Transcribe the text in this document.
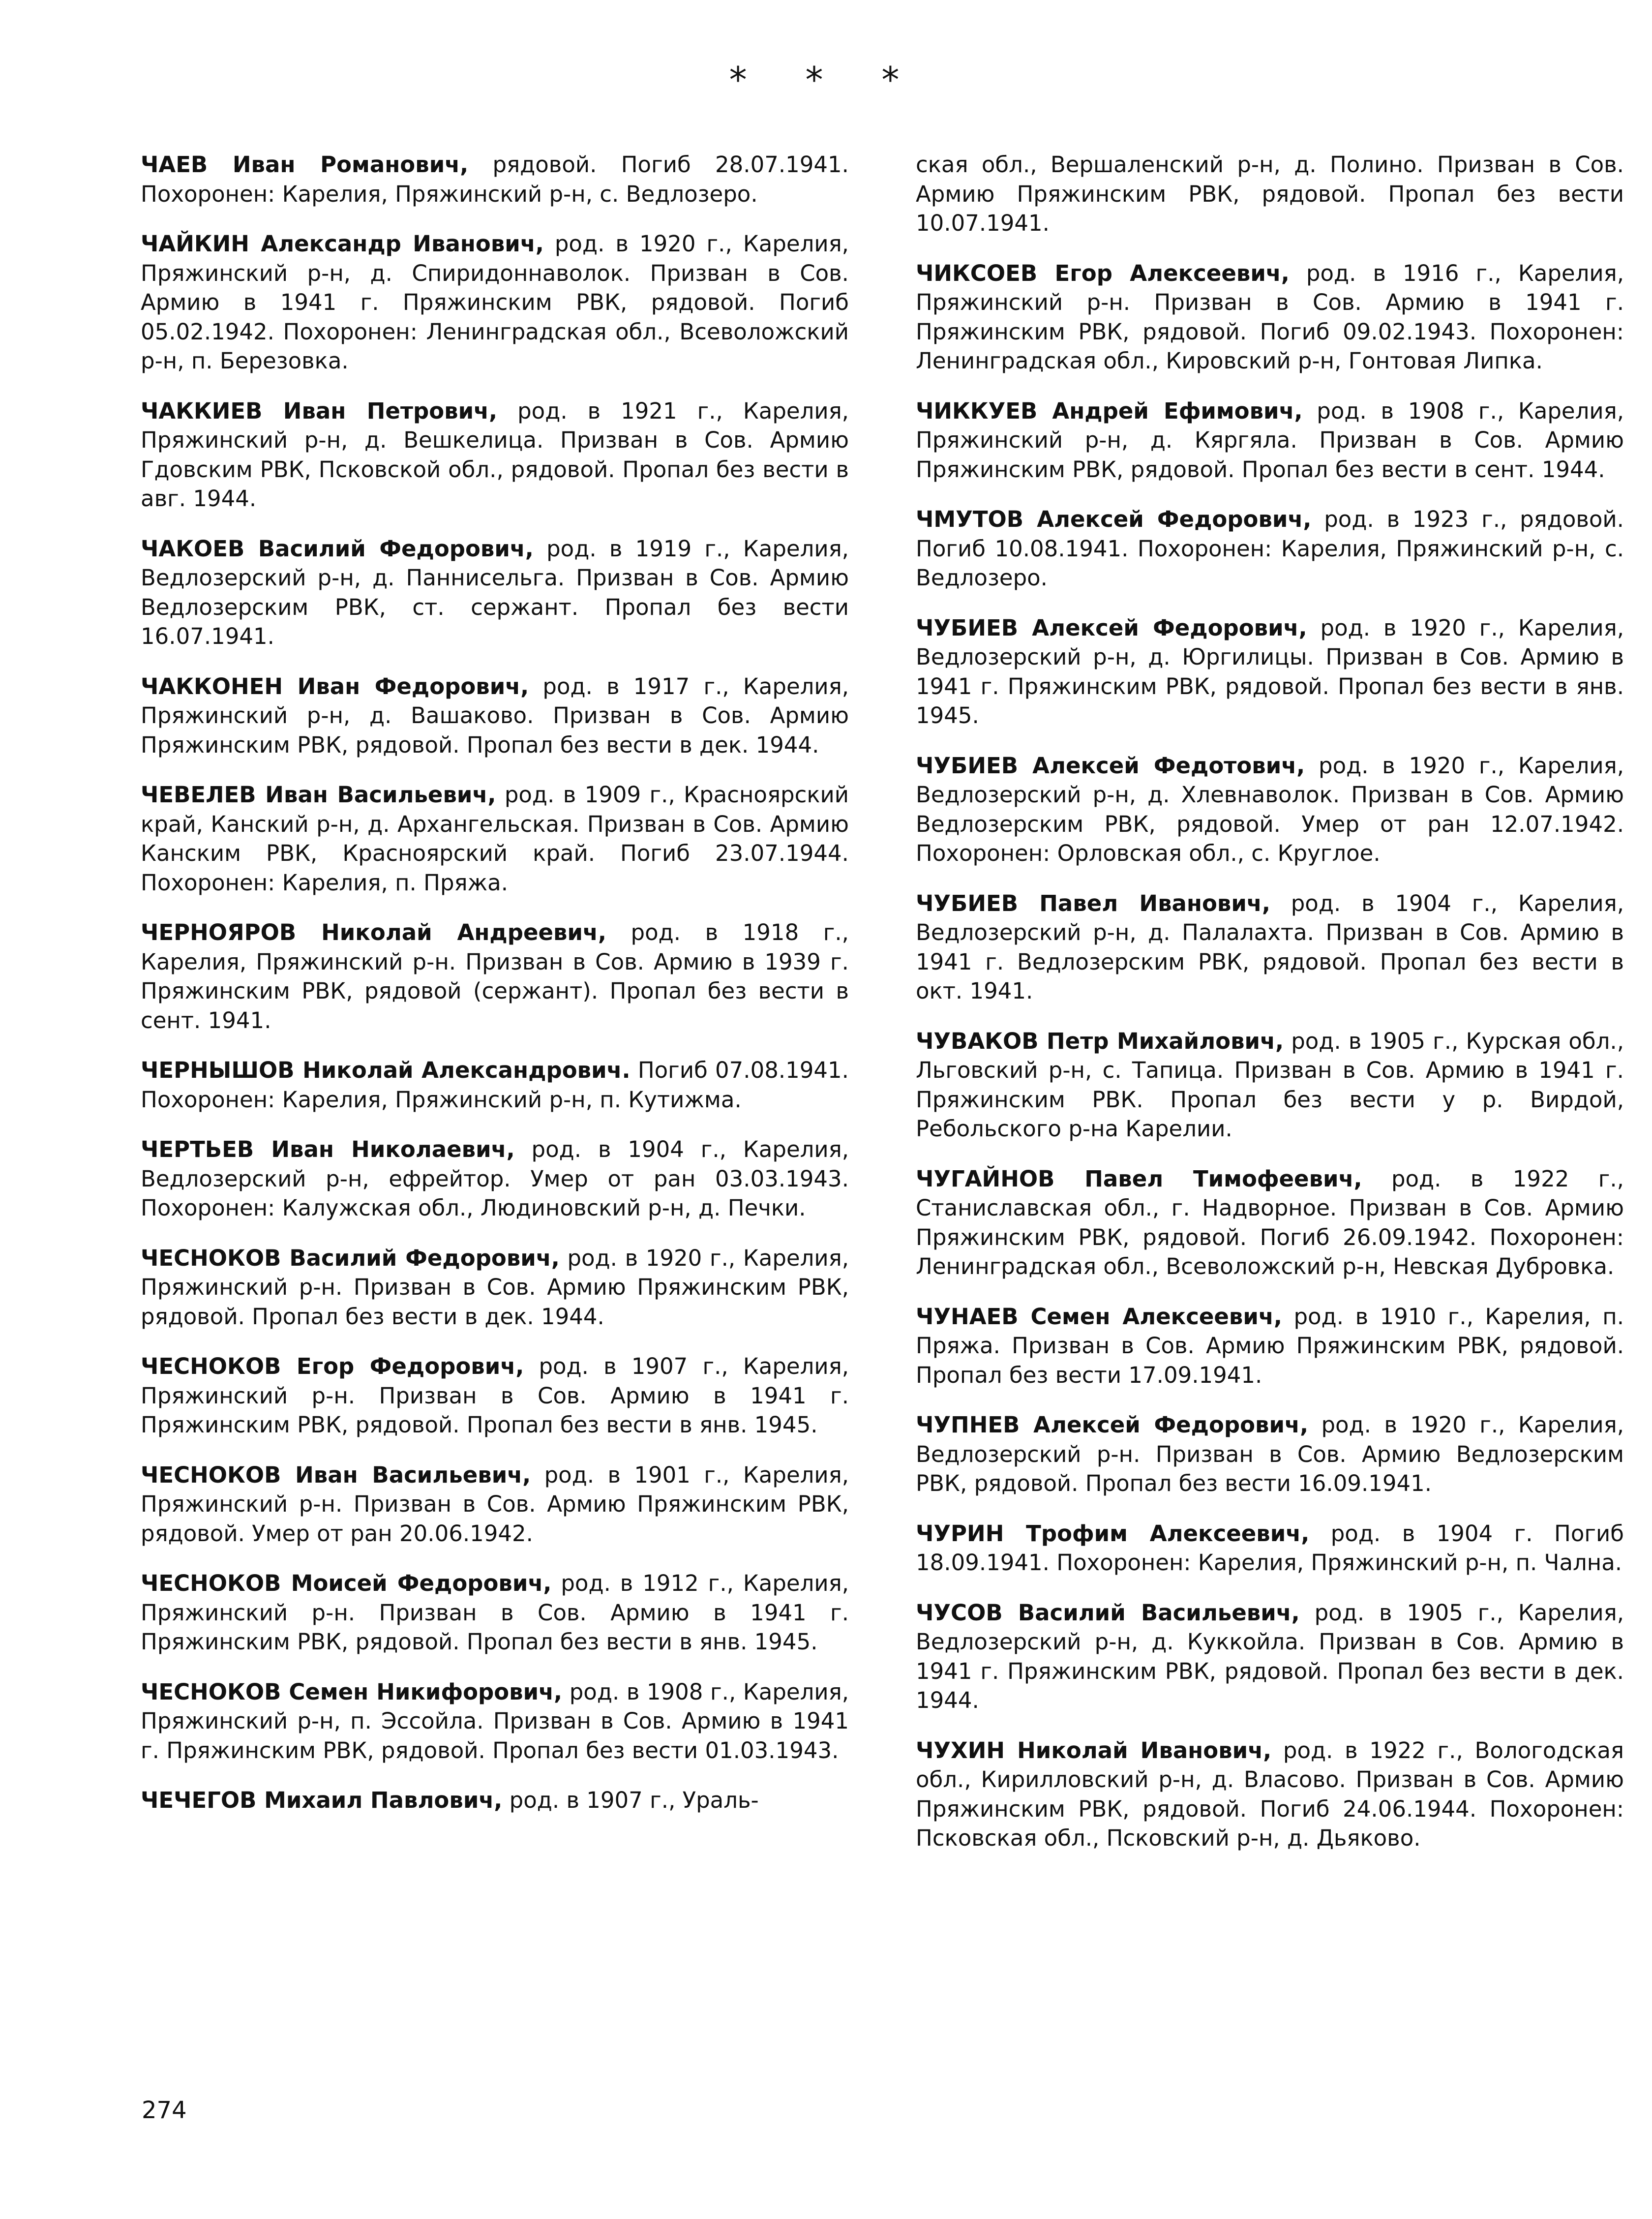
* * *

ЧАЕВ Иван Романович, рядовой. Погиб 28.07.1941. Похоронен: Карелия, Пряжинский р-н, с. Ведлозеро.

ЧАЙКИН Александр Иванович, род. в 1920 г., Карелия, Пряжинский р-н, д. Спиридоннаволок. Призван в Сов. Армию в 1941 г. Пряжинским РВК, рядовой. Погиб 05.02.1942. Похоронен: Ленинградская обл., Всеволожский р-н, п. Березовка.

ЧАККИЕВ Иван Петрович, род. в 1921 г., Карелия, Пряжинский р-н, д. Вешкелица. Призван в Сов. Армию Гдовским РВК, Псковской обл., рядовой. Пропал без вести в авг. 1944.

ЧАКОЕВ Василий Федорович, род. в 1919 г., Карелия, Ведлозерский р-н, д. Паннисельга. Призван в Сов. Армию Ведлозерским РВК, ст. сержант. Пропал без вести 16.07.1941.

ЧАККОНЕН Иван Федорович, род. в 1917 г., Карелия, Пряжинский р-н, д. Вашаково. Призван в Сов. Армию Пряжинским РВК, рядовой. Пропал без вести в дек. 1944.

ЧЕВЕЛЕВ Иван Васильевич, род. в 1909 г., Красноярский край, Канский р-н, д. Архангельская. Призван в Сов. Армию Канским РВК, Красноярский край. Погиб 23.07.1944. Похоронен: Карелия, п. Пряжа.

ЧЕРНОЯРОВ Николай Андреевич, род. в 1918 г., Карелия, Пряжинский р-н. Призван в Сов. Армию в 1939 г. Пряжинским РВК, рядовой (сержант). Пропал без вести в сент. 1941.

ЧЕРНЫШОВ Николай Александрович. Погиб 07.08.1941. Похоронен: Карелия, Пряжинский р-н, п. Кутижма.

ЧЕРТЬЕВ Иван Николаевич, род. в 1904 г., Карелия, Ведлозерский р-н, ефрейтор. Умер от ран 03.03.1943. Похоронен: Калужская обл., Людиновский р-н, д. Печки.

ЧЕСНОКОВ Василий Федорович, род. в 1920 г., Карелия, Пряжинский р-н. Призван в Сов. Армию Пряжинским РВК, рядовой. Пропал без вести в дек. 1944.

ЧЕСНОКОВ Егор Федорович, род. в 1907 г., Карелия, Пряжинский р-н. Призван в Сов. Армию в 1941 г. Пряжинским РВК, рядовой. Пропал без вести в янв. 1945.

ЧЕСНОКОВ Иван Васильевич, род. в 1901 г., Карелия, Пряжинский р-н. Призван в Сов. Армию Пряжинским РВК, рядовой. Умер от ран 20.06.1942.

ЧЕСНОКОВ Моисей Федорович, род. в 1912 г., Карелия, Пряжинский р-н. Призван в Сов. Армию в 1941 г. Пряжинским РВК, рядовой. Пропал без вести в янв. 1945.

ЧЕСНОКОВ Семен Никифорович, род. в 1908 г., Карелия, Пряжинский р-н, п. Эссойла. Призван в Сов. Армию в 1941 г. Пряжинским РВК, рядовой. Пропал без вести 01.03.1943.

ЧЕЧЕГОВ Михаил Павлович, род. в 1907 г., Ураль-

ская обл., Вершаленский р-н, д. Полино. Призван в Сов. Армию Пряжинским РВК, рядовой. Пропал без вести 10.07.1941.

ЧИКСОЕВ Егор Алексеевич, род. в 1916 г., Карелия, Пряжинский р-н. Призван в Сов. Армию в 1941 г. Пряжинским РВК, рядовой. Погиб 09.02.1943. Похоронен: Ленинградская обл., Кировский р-н, Гонтовая Липка.

ЧИККУЕВ Андрей Ефимович, род. в 1908 г., Карелия, Пряжинский р-н, д. Кяргяла. Призван в Сов. Армию Пряжинским РВК, рядовой. Пропал без вести в сент. 1944.

ЧМУТОВ Алексей Федорович, род. в 1923 г., рядовой. Погиб 10.08.1941. Похоронен: Карелия, Пряжинский р-н, с. Ведлозеро.

ЧУБИЕВ Алексей Федорович, род. в 1920 г., Карелия, Ведлозерский р-н, д. Юргилицы. Призван в Сов. Армию в 1941 г. Пряжинским РВК, рядовой. Пропал без вести в янв. 1945.

ЧУБИЕВ Алексей Федотович, род. в 1920 г., Карелия, Ведлозерский р-н, д. Хлевнаволок. Призван в Сов. Армию Ведлозерским РВК, рядовой. Умер от ран 12.07.1942. Похоронен: Орловская обл., с. Круглое.

ЧУБИЕВ Павел Иванович, род. в 1904 г., Карелия, Ведлозерский р-н, д. Палалахта. Призван в Сов. Армию в 1941 г. Ведлозерским РВК, рядовой. Пропал без вести в окт. 1941.

ЧУВАКОВ Петр Михайлович, род. в 1905 г., Курская обл., Льговский р-н, с. Тапица. Призван в Сов. Армию в 1941 г. Пряжинским РВК. Пропал без вести у р. Вирдой, Ребольского р-на Карелии.

ЧУГАЙНОВ Павел Тимофеевич, род. в 1922 г., Станиславская обл., г. Надворное. Призван в Сов. Армию Пряжинским РВК, рядовой. Погиб 26.09.1942. Похоронен: Ленинградская обл., Всеволожский р-н, Невская Дубровка.

ЧУНАЕВ Семен Алексеевич, род. в 1910 г., Карелия, п. Пряжа. Призван в Сов. Армию Пряжинским РВК, рядовой. Пропал без вести 17.09.1941.

ЧУПНЕВ Алексей Федорович, род. в 1920 г., Карелия, Ведлозерский р-н. Призван в Сов. Армию Ведлозерским РВК, рядовой. Пропал без вести 16.09.1941.

ЧУРИН Трофим Алексеевич, род. в 1904 г. Погиб 18.09.1941. Похоронен: Карелия, Пряжинский р-н, п. Чална.

ЧУСОВ Василий Васильевич, род. в 1905 г., Карелия, Ведлозерский р-н, д. Куккойла. Призван в Сов. Армию в 1941 г. Пряжинским РВК, рядовой. Пропал без вести в дек. 1944.

ЧУХИН Николай Иванович, род. в 1922 г., Вологодская обл., Кирилловский р-н, д. Власово. Призван в Сов. Армию Пряжинским РВК, рядовой. Погиб 24.06.1944. Похоронен: Псковская обл., Псковский р-н, д. Дьяково.

274
